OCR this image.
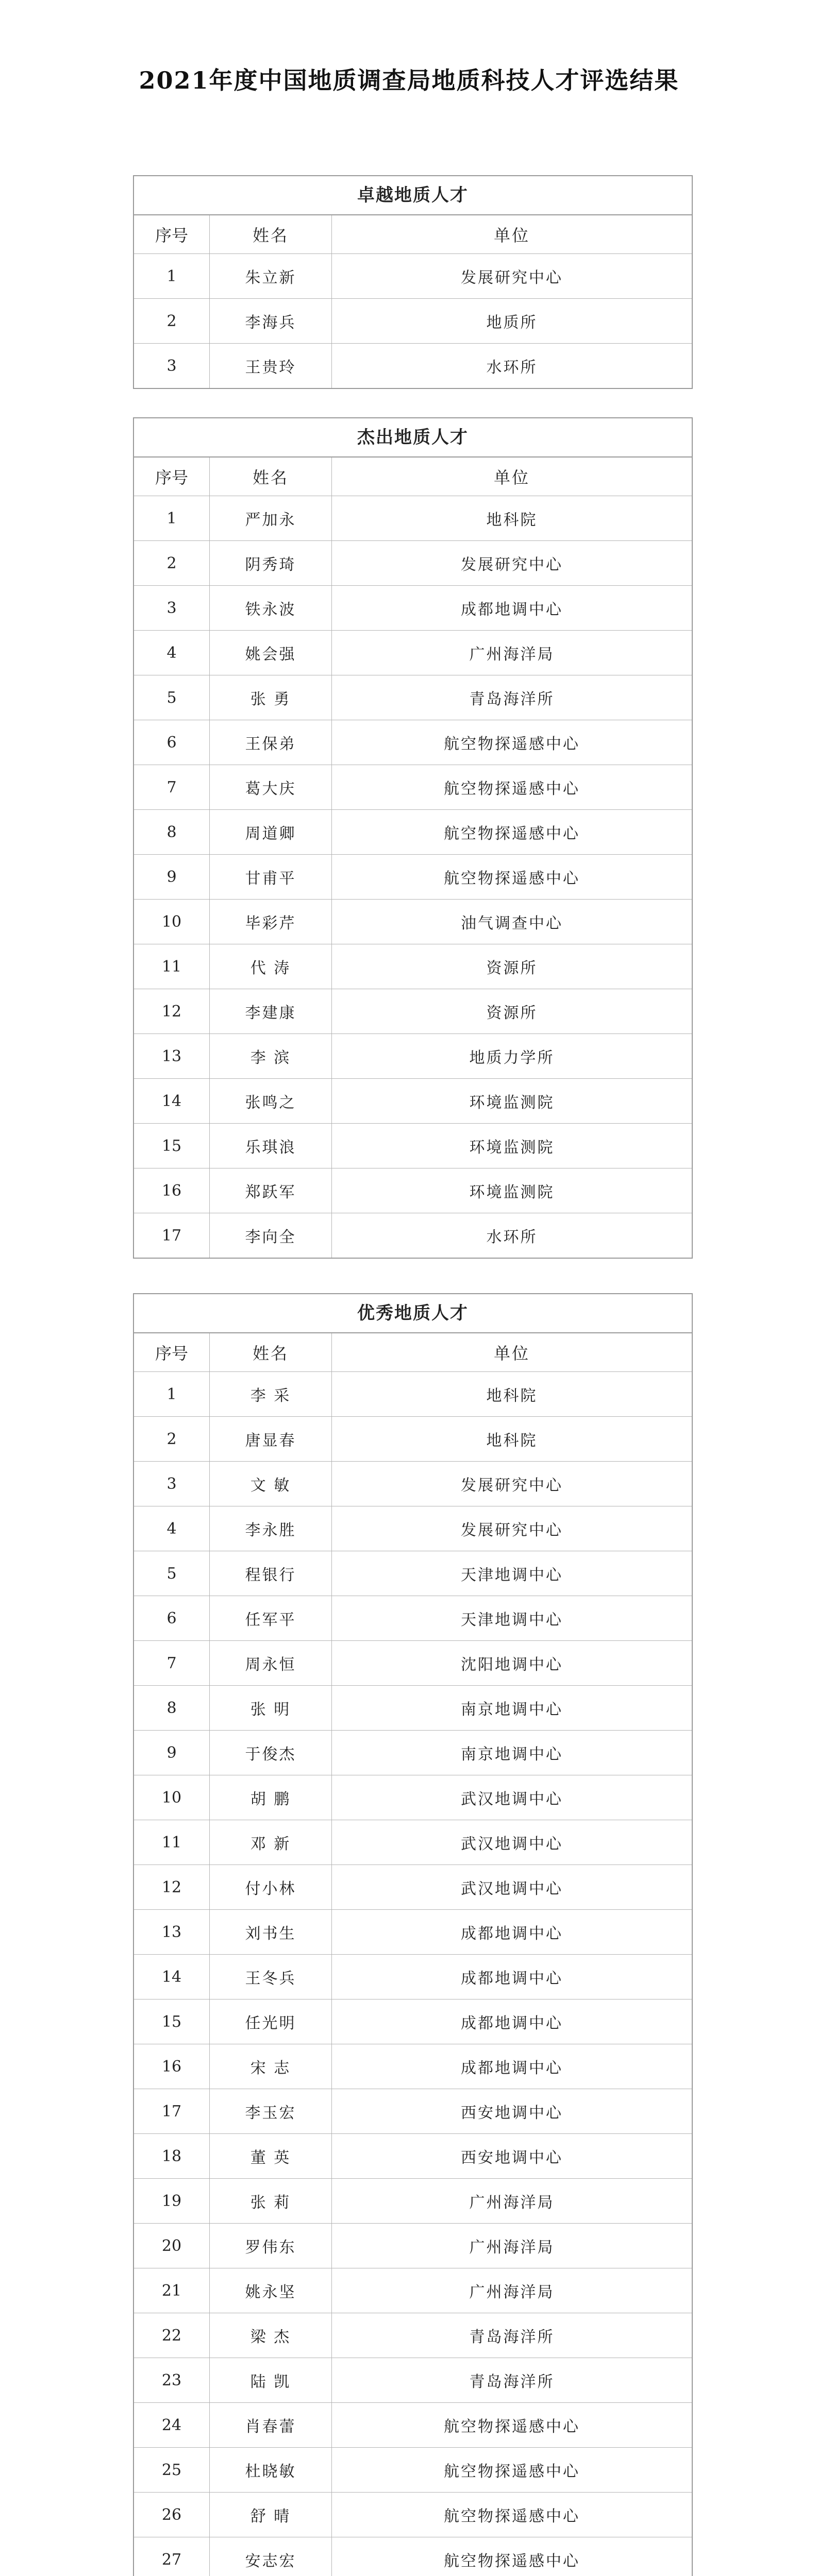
2021年度中国地质调查局地质科技人才评选结果
卓越地质人才
序号	姓名	单位
1	朱立新	发展研究中心
2	李海兵	地质所
3	王贵玲	水环所
杰出地质人才
序号	姓名	单位
1	严加永	地科院
2	阴秀琦	发展研究中心
3	铁永波	成都地调中心
4	姚会强	广州海洋局
5	张 勇	青岛海洋所
6	王保弟	航空物探遥感中心
7	葛大庆	航空物探遥感中心
8	周道卿	航空物探遥感中心
9	甘甫平	航空物探遥感中心
10	毕彩芹	油气调查中心
11	代 涛	资源所
12	李建康	资源所
13	李 滨	地质力学所
14	张鸣之	环境监测院
15	乐琪浪	环境监测院
16	郑跃军	环境监测院
17	李向全	水环所
优秀地质人才
序号	姓名	单位
1	李 采	地科院
2	唐显春	地科院
3	文 敏	发展研究中心
4	李永胜	发展研究中心
5	程银行	天津地调中心
6	任军平	天津地调中心
7	周永恒	沈阳地调中心
8	张 明	南京地调中心
9	于俊杰	南京地调中心
10	胡 鹏	武汉地调中心
11	邓 新	武汉地调中心
12	付小林	武汉地调中心
13	刘书生	成都地调中心
14	王冬兵	成都地调中心
15	任光明	成都地调中心
16	宋 志	成都地调中心
17	李玉宏	西安地调中心
18	董 英	西安地调中心
19	张 莉	广州海洋局
20	罗伟东	广州海洋局
21	姚永坚	广州海洋局
22	梁 杰	青岛海洋所
23	陆 凯	青岛海洋所
24	肖春蕾	航空物探遥感中心
25	杜晓敏	航空物探遥感中心
26	舒 晴	航空物探遥感中心
27	安志宏	航空物探遥感中心
